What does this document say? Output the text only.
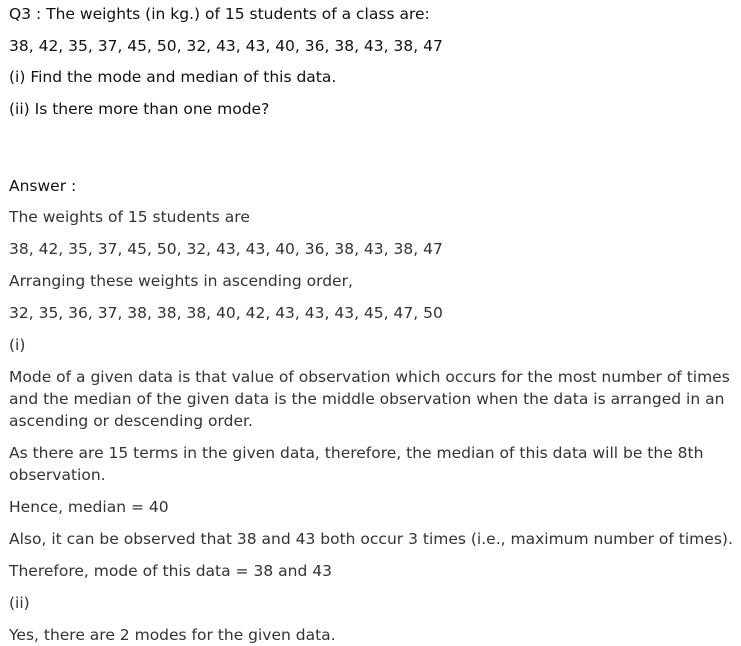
Q3 : The weights (in kg.) of 15 students of a class are:

38, 42, 35, 37, 45, 50, 32, 43, 43, 40, 36, 38, 43, 38, 47

(i) Find the mode and median of this data.

(ii) Is there more than one mode?

Answer :

The weights of 15 students are

38, 42, 35, 37, 45, 50, 32, 43, 43, 40, 36, 38, 43, 38, 47

Arranging these weights in ascending order,

32, 35, 36, 37, 38, 38, 38, 40, 42, 43, 43, 43, 45, 47, 50

(i)

Mode of a given data is that value of observation which occurs for the most number of times and the median of the given data is the middle observation when the data is arranged in an ascending or descending order.

As there are 15 terms in the given data, therefore, the median of this data will be the 8th observation.

Hence, median = 40

Also, it can be observed that 38 and 43 both occur 3 times (i.e., maximum number of times).

Therefore, mode of this data = 38 and 43

(ii)

Yes, there are 2 modes for the given data.
